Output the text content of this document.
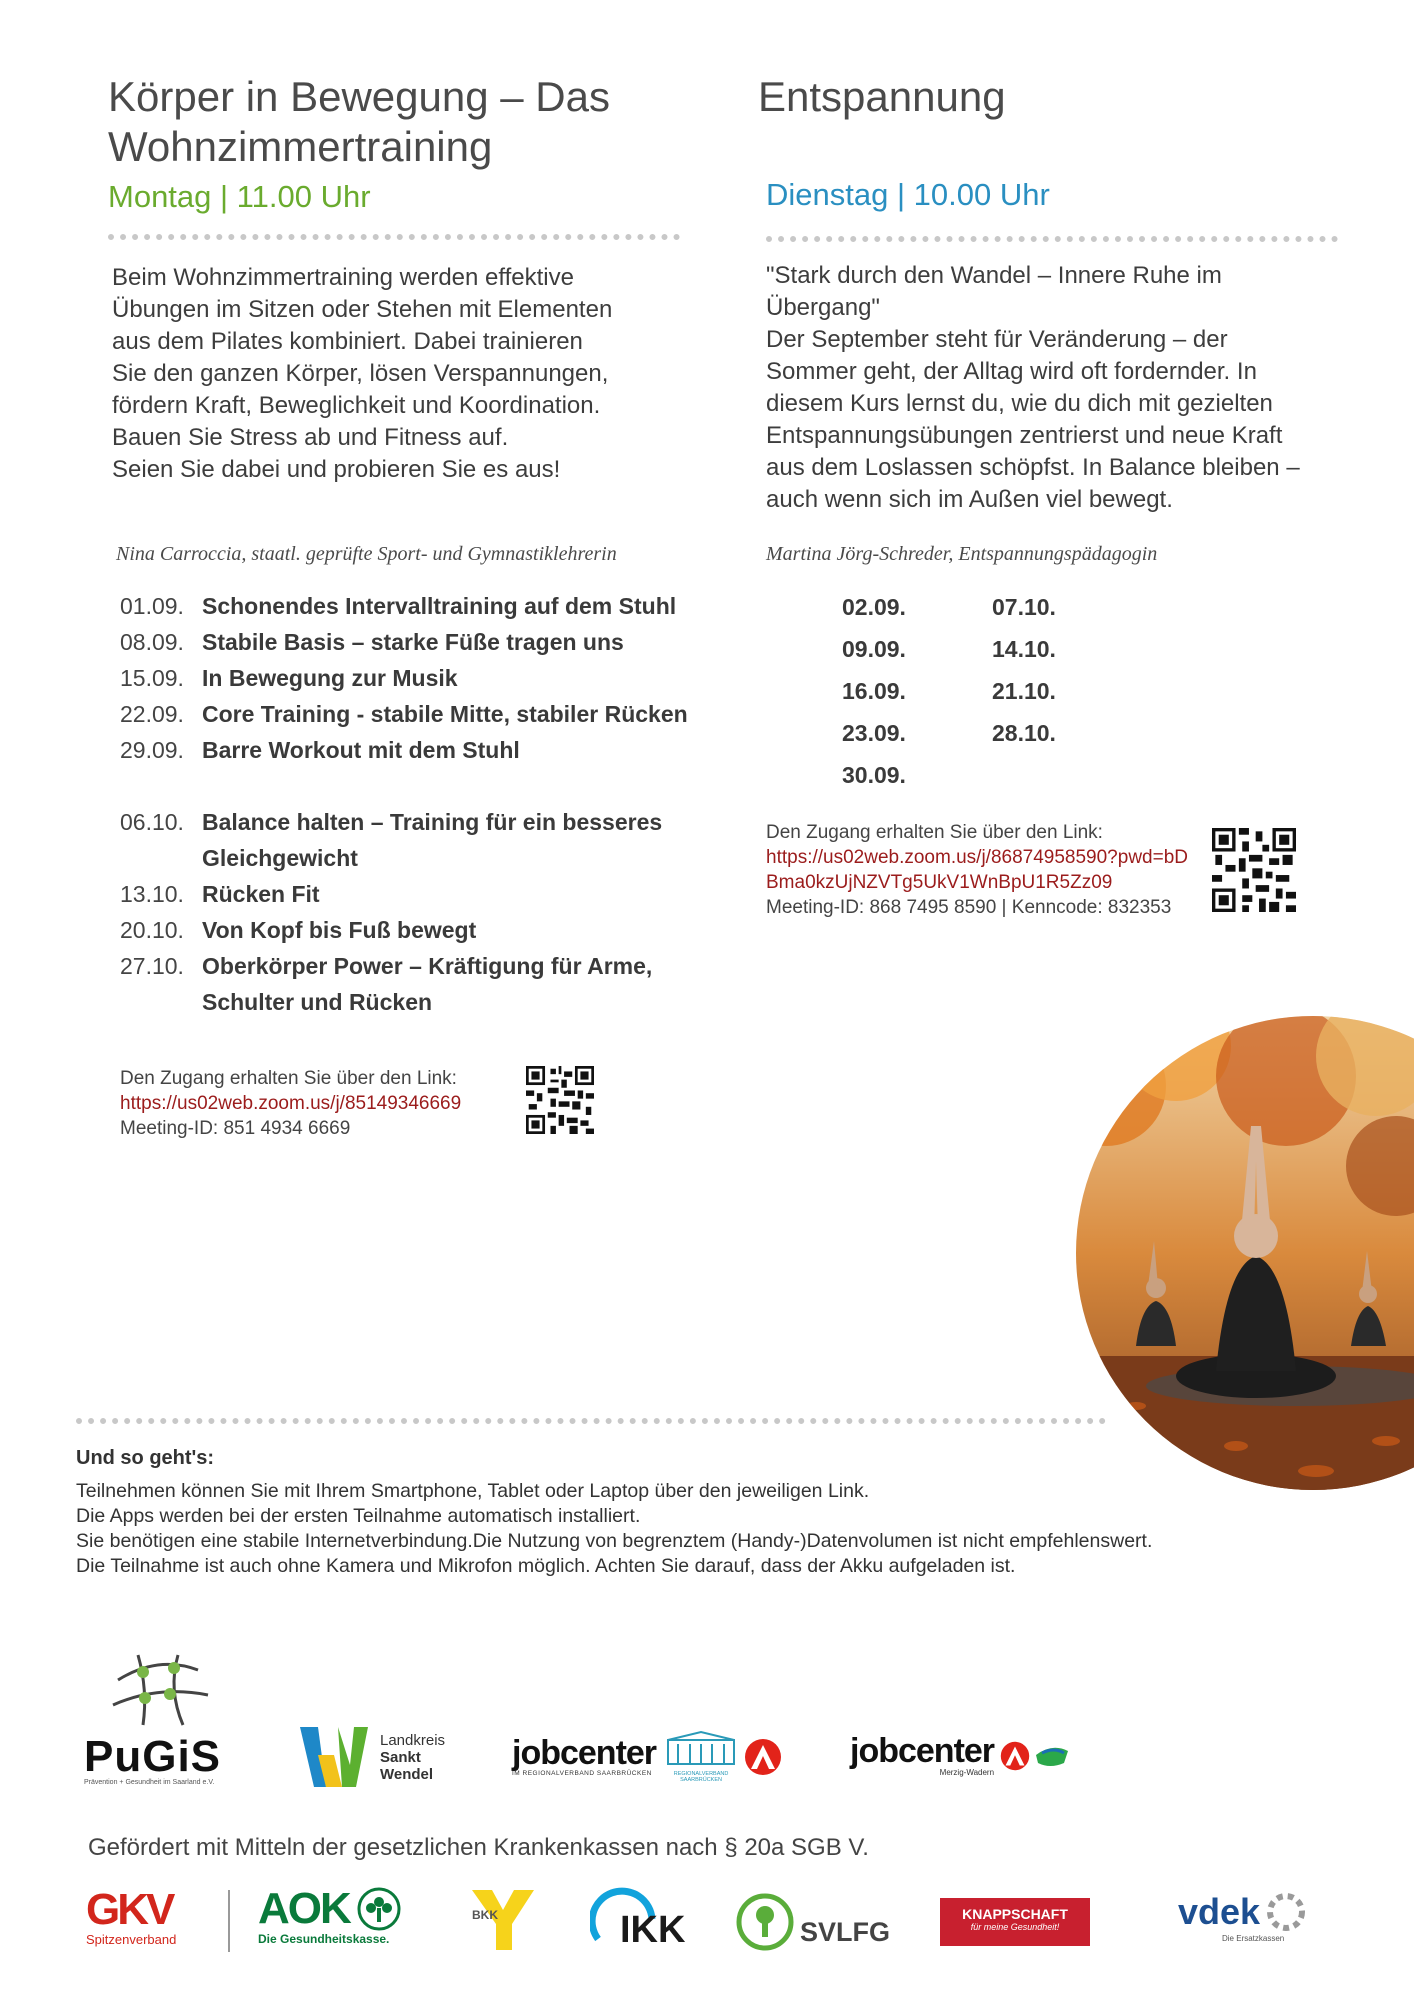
Körper in Bewegung – Das Wohnzimmertraining
Montag | 11.00 Uhr
Beim Wohnzimmertraining werden effektive
Übungen im Sitzen oder Stehen mit Elementen
aus dem Pilates kombiniert. Dabei trainieren
Sie den ganzen Körper, lösen Verspannungen,
fördern Kraft, Beweglichkeit und Koordination.
Bauen Sie Stress ab und Fitness auf.
Seien Sie dabei und probieren Sie es aus!
Nina Carroccia, staatl. geprüfte Sport- und Gymnastiklehrerin
01.09. Schonendes Intervalltraining auf dem Stuhl
08.09. Stabile Basis – starke Füße tragen uns
15.09. In Bewegung zur Musik
22.09. Core Training - stabile Mitte, stabiler Rücken
29.09. Barre Workout mit dem Stuhl
06.10. Balance halten – Training für ein besseres Gleichgewicht
13.10. Rücken Fit
20.10. Von Kopf bis Fuß bewegt
27.10. Oberkörper Power – Kräftigung für Arme, Schulter und Rücken
Den Zugang erhalten Sie über den Link:
https://us02web.zoom.us/j/85149346669
Meeting-ID: 851 4934 6669
Entspannung
Dienstag | 10.00 Uhr
"Stark durch den Wandel – Innere Ruhe im
Übergang"
Der September steht für Veränderung – der
Sommer geht, der Alltag wird oft fordernder. In
diesem Kurs lernst du, wie du dich mit gezielten
Entspannungsübungen zentrierst und neue Kraft
aus dem Loslassen schöpfst. In Balance bleiben –
auch wenn sich im Außen viel bewegt.
Martina Jörg-Schreder, Entspannungspädagogin
02.09.	07.10.
09.09.	14.10.
16.09.	21.10.
23.09.	28.10.
30.09.
Den Zugang erhalten Sie über den Link:
https://us02web.zoom.us/j/86874958590?pwd=bDBma0kzUjNZVTg5UkV1WnBpU1R5Zz09
Meeting-ID: 868 7495 8590 | Kenncode: 832353
Und so geht's:
Teilnehmen können Sie mit Ihrem Smartphone, Tablet oder Laptop über den jeweiligen Link.
Die Apps werden bei der ersten Teilnahme automatisch installiert.
Sie benötigen eine stabile Internetverbindung.Die Nutzung von begrenztem (Handy-)Datenvolumen ist nicht empfehlenswert.
Die Teilnahme ist auch ohne Kamera und Mikrofon möglich. Achten Sie darauf, dass der Akku aufgeladen ist.
PuGiS
Prävention + Gesundheit im Saarland e.V.
Landkreis
Sankt
Wendel
jobcenter
IM REGIONALVERBAND SAARBRÜCKEN	REGIONALVERBAND SAARBRÜCKEN
jobcenter
Merzig-Wadern
Gefördert mit Mitteln der gesetzlichen Krankenkassen nach § 20a SGB V.
GKV
Spitzenverband
AOK
Die Gesundheitskasse.
BKK	IKK	SVLFG
KNAPPSCHAFT
für meine Gesundheit!	vdek
Die Ersatzkassen
